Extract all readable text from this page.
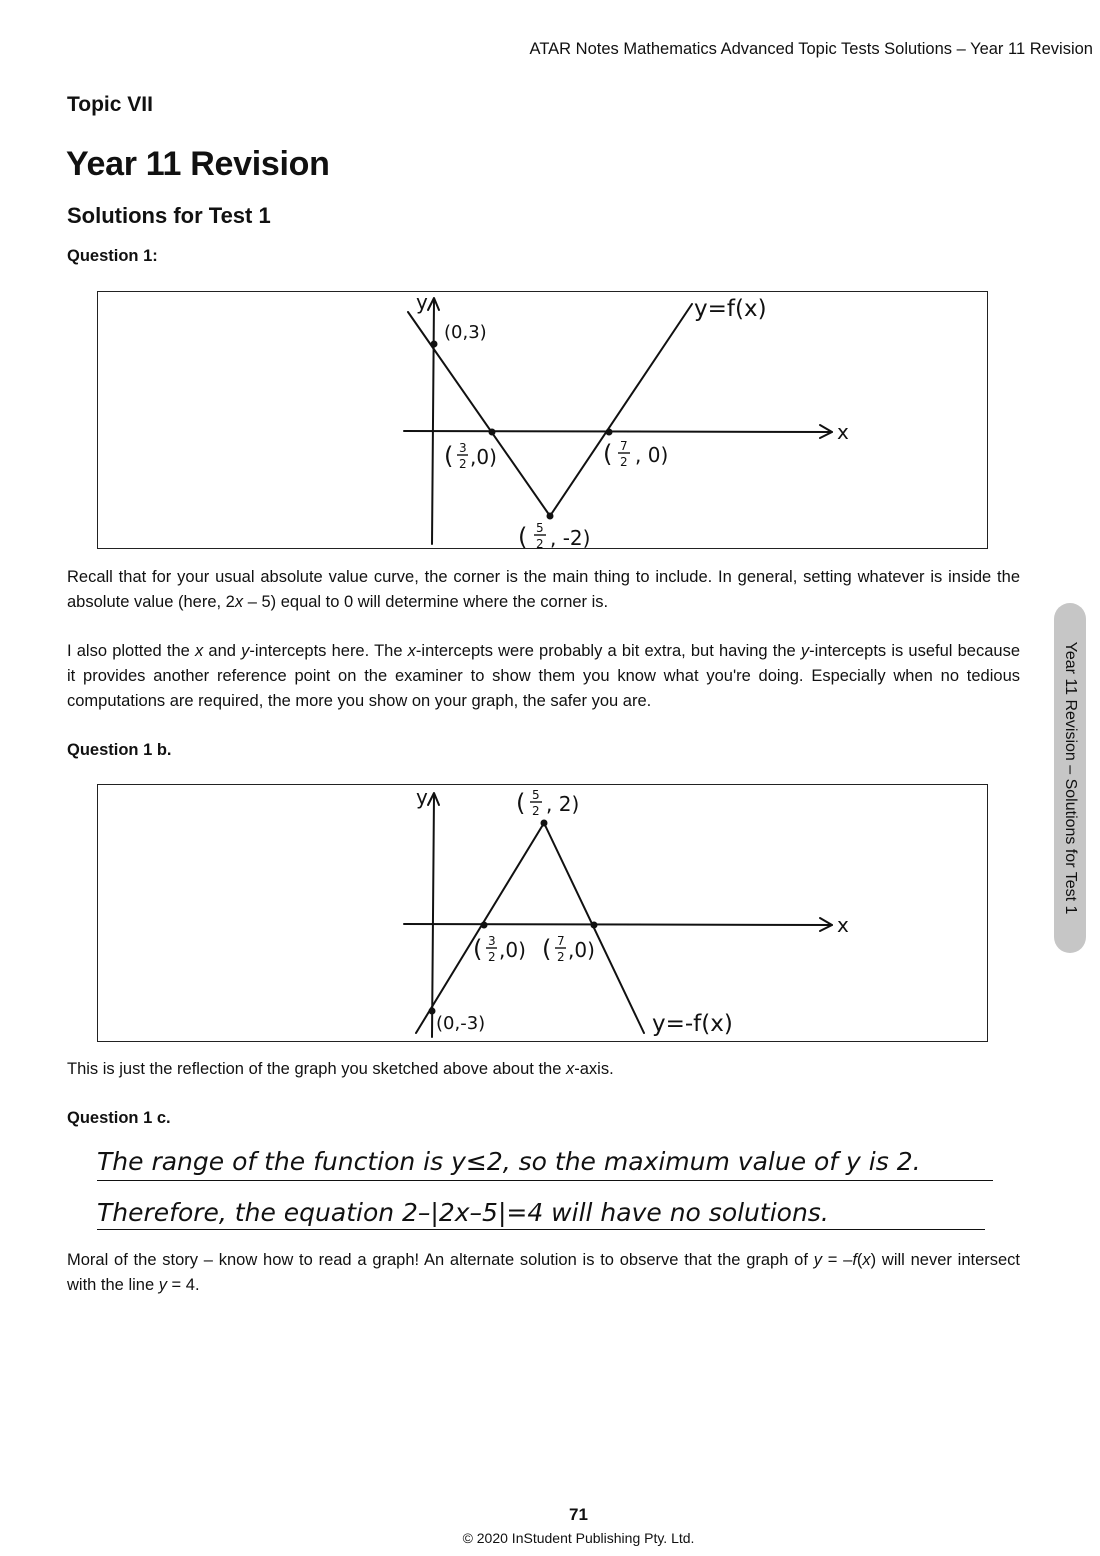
ATAR Notes Mathematics Advanced Topic Tests Solutions – Year 11 Revision
Topic VII
Year 11 Revision
Solutions for Test 1
Question 1:
y
x
y=f(x)
(0,3)
( 3
2 ,0)	( 7
2 , 0)
( 5
2 , -2)
Recall that for your usual absolute value curve, the corner is the main thing to include. In general, setting whatever is inside the absolute value (here, 2x – 5) equal to 0 will determine where the corner is.
I also plotted the x and y-intercepts here. The x-intercepts were probably a bit extra, but having the y-intercepts is useful because it provides another reference point on the examiner to show them you know what you're doing. Especially when no tedious computations are required, the more you show on your graph, the safer you are.
Question 1 b.
y
x
( 5
2 , 2)
( 3
2 ,0) ( 7
2 ,0)
(0,-3)	y=-f(x)
This is just the reflection of the graph you sketched above about the x-axis.
Question 1 c.
The range of the function is y≤2, so the maximum value of y is 2.
Therefore, the equation 2–|2x–5|=4 will have no solutions.
Moral of the story – know how to read a graph! An alternate solution is to observe that the graph of y = –f(x) will never intersect with the line y = 4.
Year 11 Revision – Solutions for Test 1
71
© 2020 InStudent Publishing Pty. Ltd.
